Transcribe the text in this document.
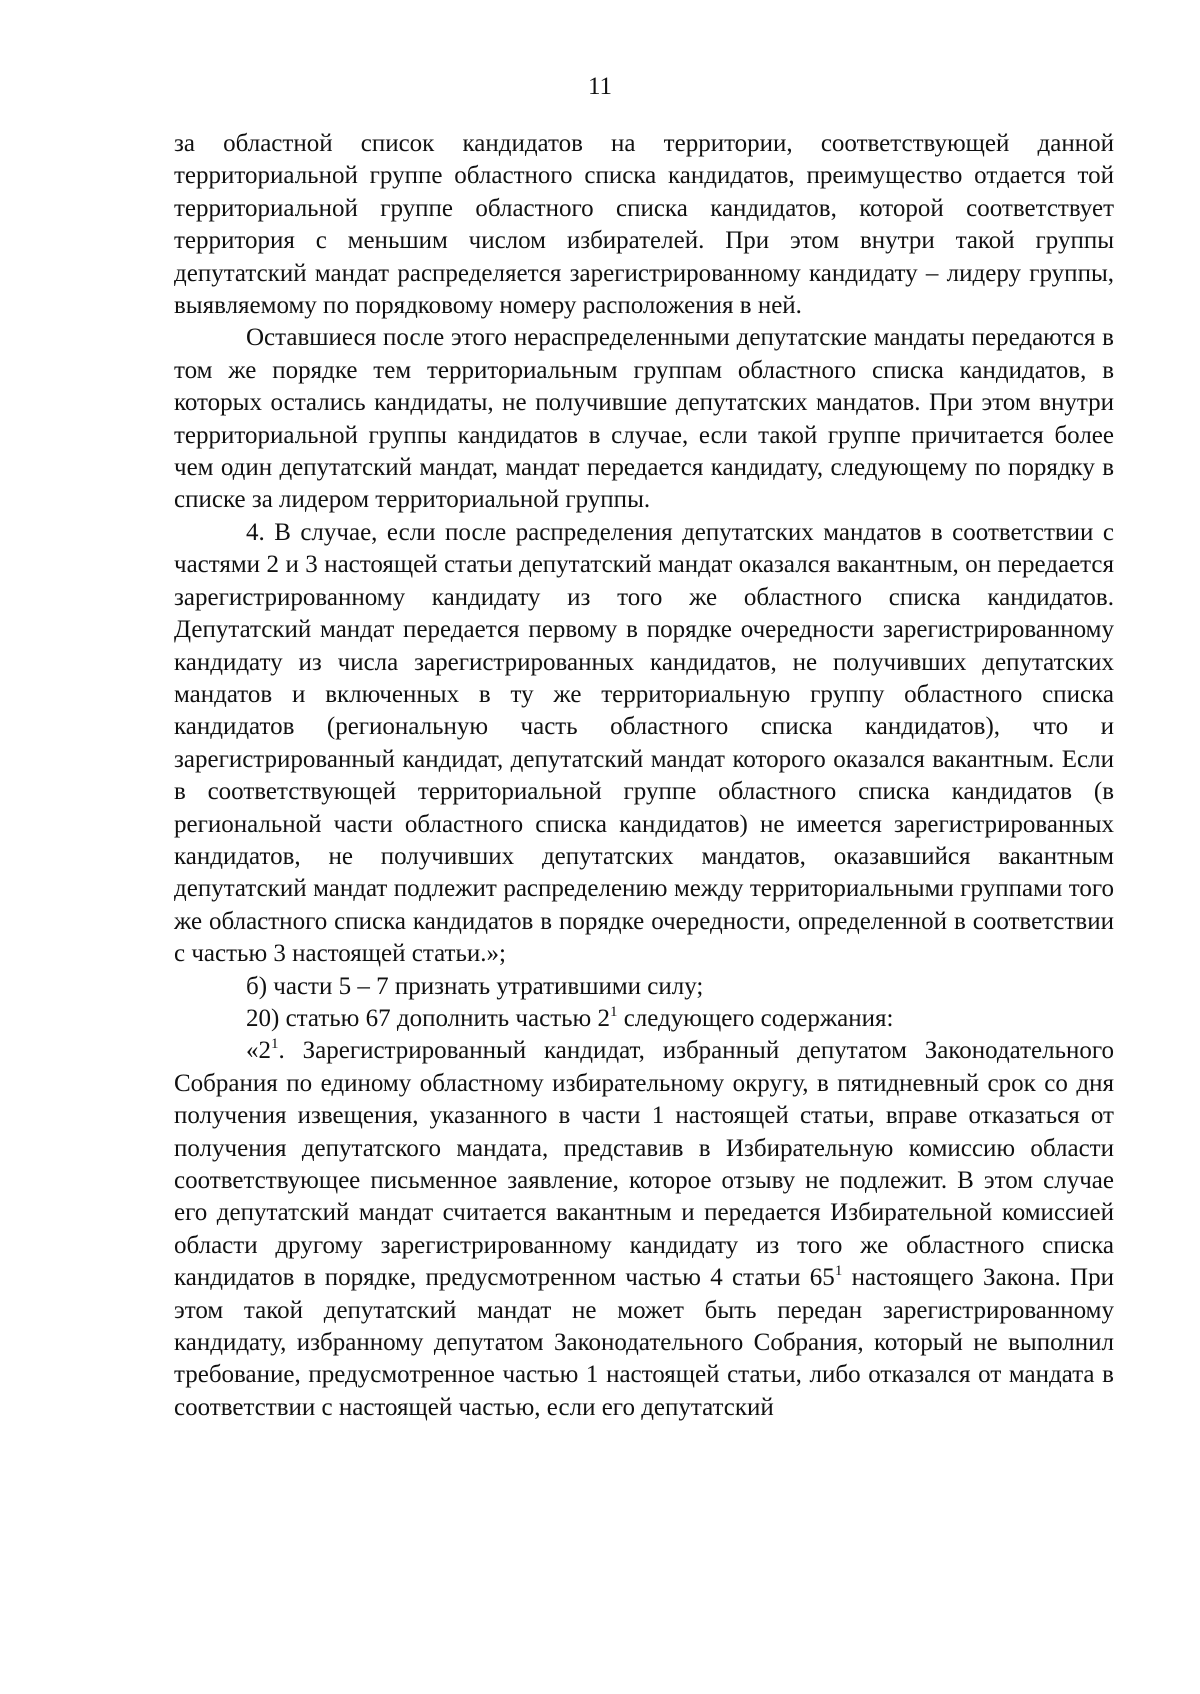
11

за областной список кандидатов на территории, соответствующей данной территориальной группе областного списка кандидатов, преимущество отдается той территориальной группе областного списка кандидатов, которой соответствует территория с меньшим числом избирателей. При этом внутри такой группы депутатский мандат распределяется зарегистрированному кандидату – лидеру группы, выявляемому по порядковому номеру расположения в ней.

Оставшиеся после этого нераспределенными депутатские мандаты передаются в том же порядке тем территориальным группам областного списка кандидатов, в которых остались кандидаты, не получившие депутатских мандатов. При этом внутри территориальной группы кандидатов в случае, если такой группе причитается более чем один депутатский мандат, мандат передается кандидату, следующему по порядку в списке за лидером территориальной группы.

4. В случае, если после распределения депутатских мандатов в соответствии с частями 2 и 3 настоящей статьи депутатский мандат оказался вакантным, он передается зарегистрированному кандидату из того же областного списка кандидатов. Депутатский мандат передается первому в порядке очередности зарегистрированному кандидату из числа зарегистрированных кандидатов, не получивших депутатских мандатов и включенных в ту же территориальную группу областного списка кандидатов (региональную часть областного списка кандидатов), что и зарегистрированный кандидат, депутатский мандат которого оказался вакантным. Если в соответствующей территориальной группе областного списка кандидатов (в региональной части областного списка кандидатов) не имеется зарегистрированных кандидатов, не получивших депутатских мандатов, оказавшийся вакантным депутатский мандат подлежит распределению между территориальными группами того же областного списка кандидатов в порядке очередности, определенной в соответствии с частью 3 настоящей статьи.»;

б) части 5 – 7 признать утратившими силу;

20) статью 67 дополнить частью $2^1$ следующего содержания:

«$2^1$. Зарегистрированный кандидат, избранный депутатом Законодательного Собрания по единому областному избирательному округу, в пятидневный срок со дня получения извещения, указанного в части 1 настоящей статьи, вправе отказаться от получения депутатского мандата, представив в Избирательную комиссию области соответствующее письменное заявление, которое отзыву не подлежит. В этом случае его депутатский мандат считается вакантным и передается Избирательной комиссией области другому зарегистрированному кандидату из того же областного списка кандидатов в порядке, предусмотренном частью 4 статьи $65^1$ настоящего Закона. При этом такой депутатский мандат не может быть передан зарегистрированному кандидату, избранному депутатом Законодательного Собрания, который не выполнил требование, предусмотренное частью 1 настоящей статьи, либо отказался от мандата в соответствии с настоящей частью, если его депутатский
